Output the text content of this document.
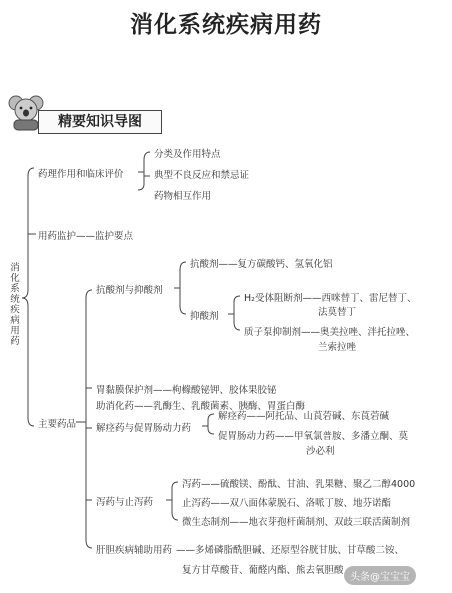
消化系统疾病用药
精要知识导图
消化系统疾病用药
药理作用和临床评价
分类及作用特点
典型不良反应和禁忌证
药物相互作用
用药监护——监护要点
主要药品
抗酸剂与抑酸剂
抗酸剂——复方碳酸钙、氢氧化铝
抑酸剂
H₂受体阻断剂——西咪替丁、雷尼替丁、
法莫替丁
质子泵抑制剂——奥美拉唑、泮托拉唑、
兰索拉唑
胃黏膜保护剂——枸橼酸铋钾、胶体果胶铋
助消化药——乳酶生、乳酸菌素、胰酶、胃蛋白酶
解痉药与促胃肠动力药
解痉药——阿托品、山莨菪碱、东莨菪碱
促胃肠动力药——甲氧氯普胺、多潘立酮、莫
沙必利
泻药与止泻药
泻药——硫酸镁、酚酞、甘油、乳果糖、聚乙二醇4000
止泻药——双八面体蒙脱石、洛哌丁胺、地芬诺酯
微生态制剂——地衣芽孢杆菌制剂、双歧三联活菌制剂
肝胆疾病辅助用药 ——多烯磷脂酰胆碱、还原型谷胱甘肽、甘草酸二铵、
复方甘草酸苷、葡醛内酯、熊去氧胆酸
头条@宝宝宝
